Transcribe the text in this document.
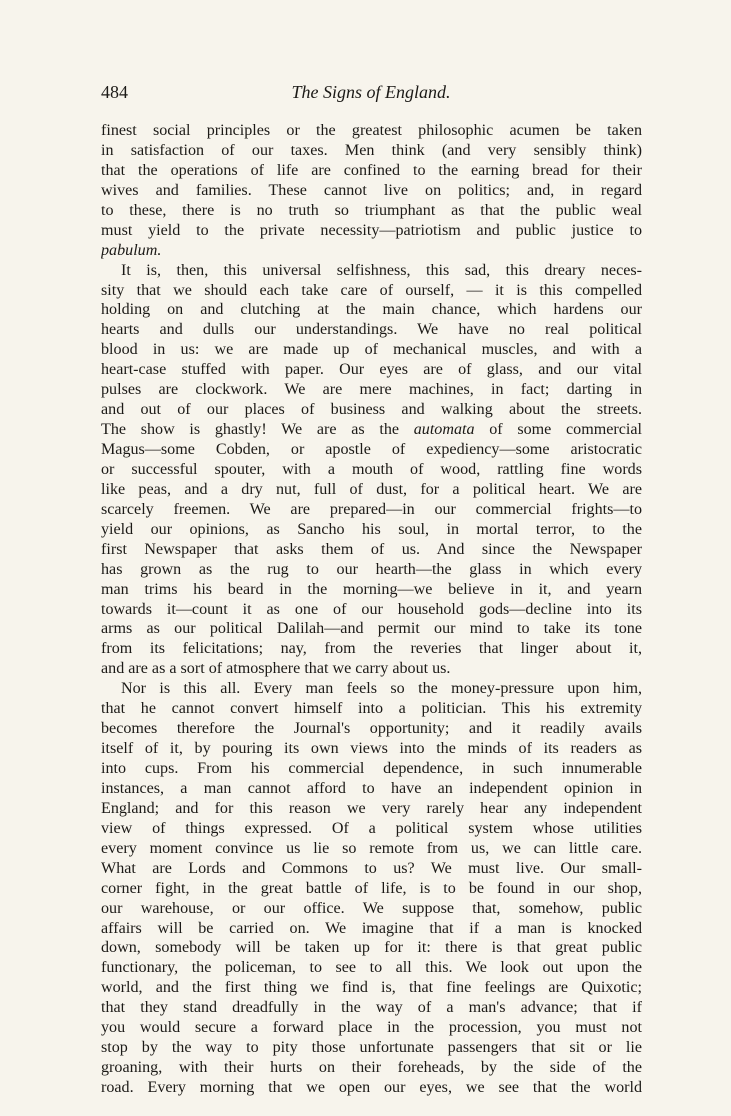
484	The Signs of England.
finest social principles or the greatest philosophic acumen be taken
in satisfaction of our taxes. Men think (and very sensibly think)
that the operations of life are confined to the earning bread for their
wives and families. These cannot live on politics; and, in regard
to these, there is no truth so triumphant as that the public weal
must yield to the private necessity—patriotism and public justice to
pabulum.
It is, then, this universal selfishness, this sad, this dreary neces-
sity that we should each take care of ourself, — it is this compelled
holding on and clutching at the main chance, which hardens our
hearts and dulls our understandings. We have no real political
blood in us: we are made up of mechanical muscles, and with a
heart-case stuffed with paper. Our eyes are of glass, and our vital
pulses are clockwork. We are mere machines, in fact; darting in
and out of our places of business and walking about the streets.
The show is ghastly! We are as the automata of some commercial
Magus—some Cobden, or apostle of expediency—some aristocratic
or successful spouter, with a mouth of wood, rattling fine words
like peas, and a dry nut, full of dust, for a political heart. We are
scarcely freemen. We are prepared—in our commercial frights—to
yield our opinions, as Sancho his soul, in mortal terror, to the
first Newspaper that asks them of us. And since the Newspaper
has grown as the rug to our hearth—the glass in which every
man trims his beard in the morning—we believe in it, and yearn
towards it—count it as one of our household gods—decline into its
arms as our political Dalilah—and permit our mind to take its tone
from its felicitations; nay, from the reveries that linger about it,
and are as a sort of atmosphere that we carry about us.
Nor is this all. Every man feels so the money-pressure upon him,
that he cannot convert himself into a politician. This his extremity
becomes therefore the Journal's opportunity; and it readily avails
itself of it, by pouring its own views into the minds of its readers as
into cups. From his commercial dependence, in such innumerable
instances, a man cannot afford to have an independent opinion in
England; and for this reason we very rarely hear any independent
view of things expressed. Of a political system whose utilities
every moment convince us lie so remote from us, we can little care.
What are Lords and Commons to us? We must live. Our small-
corner fight, in the great battle of life, is to be found in our shop,
our warehouse, or our office. We suppose that, somehow, public
affairs will be carried on. We imagine that if a man is knocked
down, somebody will be taken up for it: there is that great public
functionary, the policeman, to see to all this. We look out upon the
world, and the first thing we find is, that fine feelings are Quixotic;
that they stand dreadfully in the way of a man's advance; that if
you would secure a forward place in the procession, you must not
stop by the way to pity those unfortunate passengers that sit or lie
groaning, with their hurts on their foreheads, by the side of the
road. Every morning that we open our eyes, we see that the world
